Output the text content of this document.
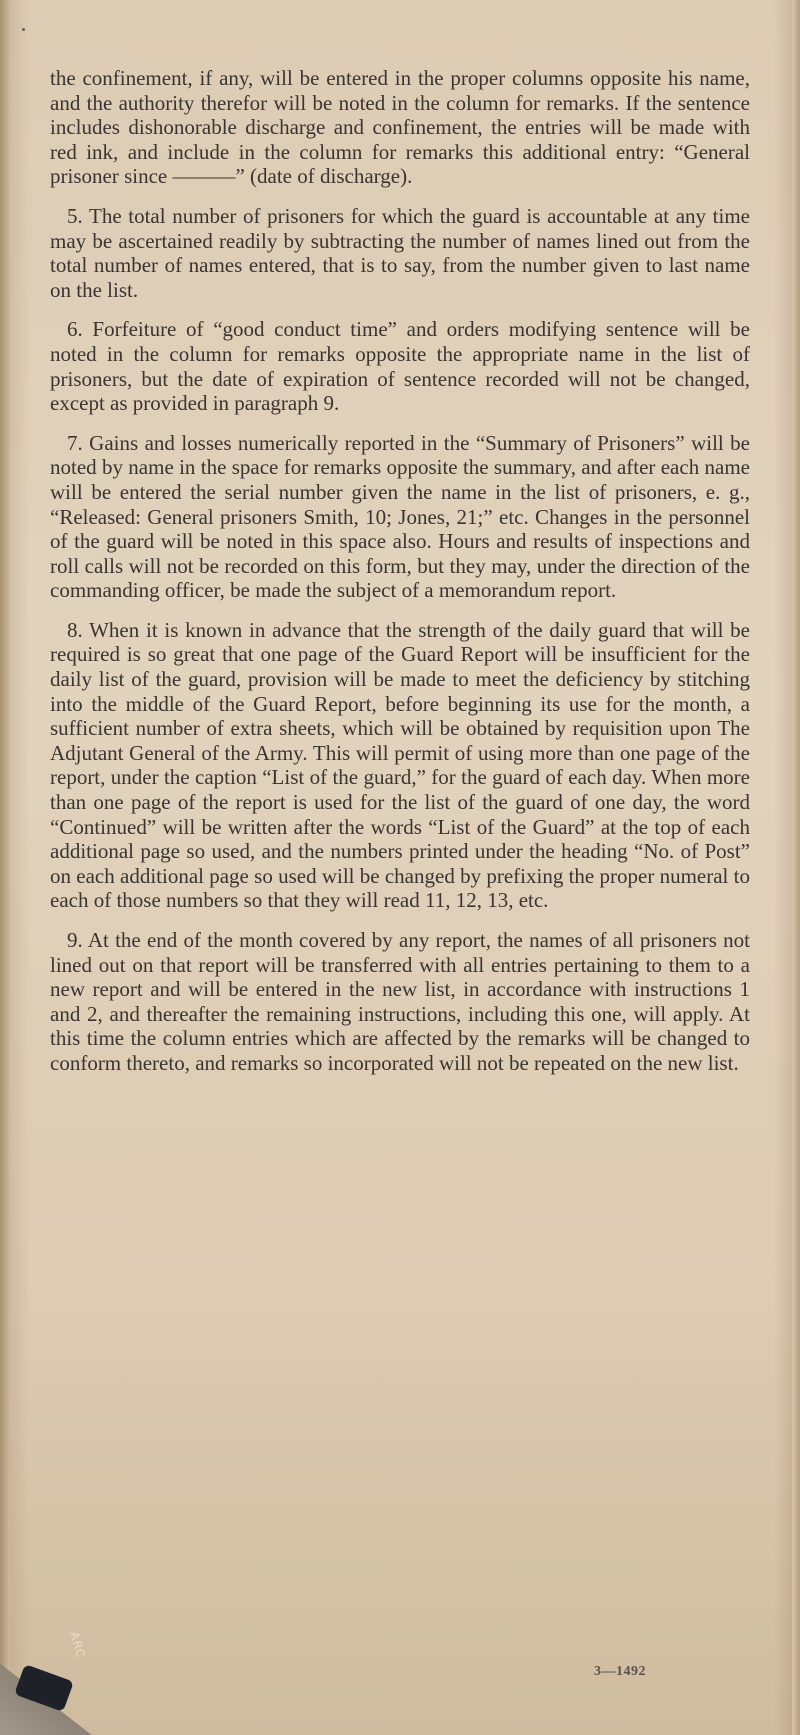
the confinement, if any, will be entered in the proper columns opposite his name, and the authority therefor will be noted in the column for remarks. If the sentence includes dishonorable discharge and confinement, the entries will be made with red ink, and include in the column for remarks this additional entry: “General prisoner since ———” (date of discharge).

5. The total number of prisoners for which the guard is accountable at any time may be ascertained readily by subtracting the number of names lined out from the total number of names entered, that is to say, from the number given to last name on the list.

6. Forfeiture of “good conduct time” and orders modifying sentence will be noted in the column for remarks opposite the appropriate name in the list of prisoners, but the date of expiration of sentence recorded will not be changed, except as provided in paragraph 9.

7. Gains and losses numerically reported in the “Summary of Prisoners” will be noted by name in the space for remarks opposite the summary, and after each name will be entered the serial number given the name in the list of prisoners, e. g., “Released: General prisoners Smith, 10; Jones, 21;” etc. Changes in the personnel of the guard will be noted in this space also. Hours and results of inspections and roll calls will not be recorded on this form, but they may, under the direction of the commanding officer, be made the subject of a memorandum report.

8. When it is known in advance that the strength of the daily guard that will be required is so great that one page of the Guard Report will be insufficient for the daily list of the guard, provision will be made to meet the deficiency by stitching into the middle of the Guard Report, before beginning its use for the month, a sufficient number of extra sheets, which will be obtained by requisition upon The Adjutant General of the Army. This will permit of using more than one page of the report, under the caption “List of the guard,” for the guard of each day. When more than one page of the report is used for the list of the guard of one day, the word “Continued” will be written after the words “List of the Guard” at the top of each additional page so used, and the numbers printed under the heading “No. of Post” on each additional page so used will be changed by prefixing the proper numeral to each of those numbers so that they will read 11, 12, 13, etc.

9. At the end of the month covered by any report, the names of all prisoners not lined out on that report will be transferred with all entries pertaining to them to a new report and will be entered in the new list, in accordance with instructions 1 and 2, and thereafter the remaining instructions, including this one, will apply. At this time the column entries which are affected by the remarks will be changed to conform thereto, and remarks so incorporated will not be repeated on the new list.

3—1492
ARC
